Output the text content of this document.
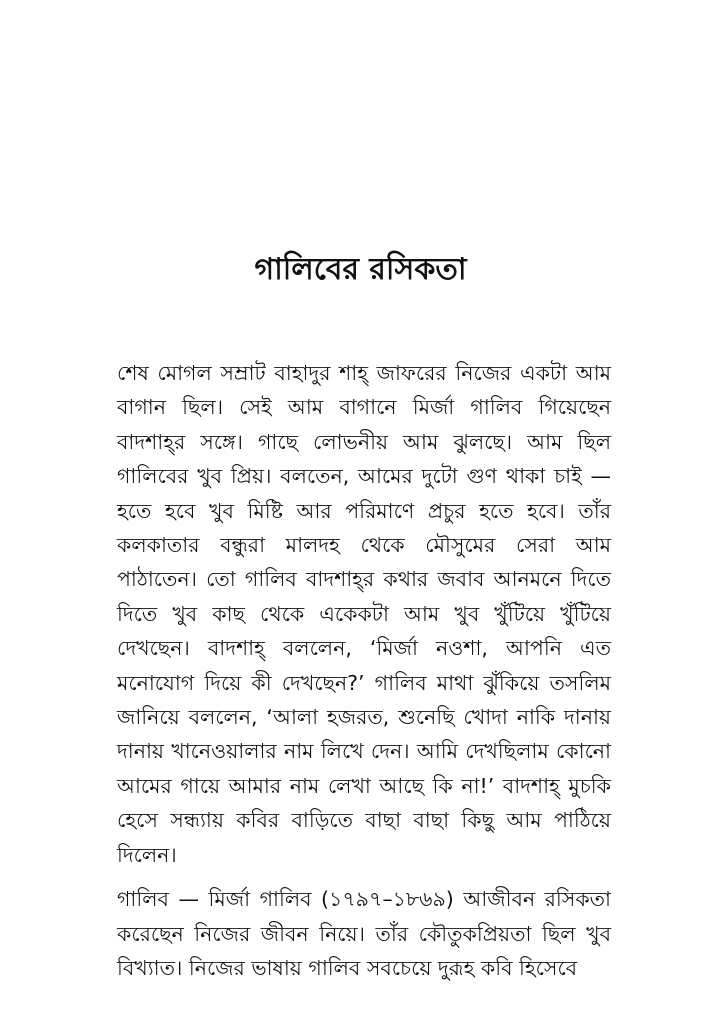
গালিবের রসিকতা

শেষ মোগল সম্রাট বাহাদুর শাহ্ জাফরের নিজের একটা আম বাগান ছিল। সেই আম বাগানে মির্জা গালিব গিয়েছেন বাদশাহ্‌র সঙ্গে। গাছে লোভনীয় আম ঝুলছে। আম ছিল গালিবের খুব প্রিয়। বলতেন, আমের দুটো গুণ থাকা চাই — হতে হবে খুব মিষ্টি আর পরিমাণে প্রচুর হতে হবে। তাঁর কলকাতার বন্ধুরা মালদহ থেকে মৌসুমের সেরা আম পাঠাতেন। তো গালিব বাদশাহ্‌র কথার জবাব আনমনে দিতে দিতে খুব কাছ থেকে একেকটা আম খুব খুঁটিয়ে খুঁটিয়ে দেখছেন। বাদশাহ্ বললেন, ‘মির্জা নওশা, আপনি এত মনোযোগ দিয়ে কী দেখছেন?’ গালিব মাথা ঝুঁকিয়ে তসলিম জানিয়ে বললেন, ‘আলা হজরত, শুনেছি খোদা নাকি দানায় দানায় খানেওয়ালার নাম লিখে দেন। আমি দেখছিলাম কোনো আমের গায়ে আমার নাম লেখা আছে কি না!’ বাদশাহ্ মুচকি হেসে সন্ধ্যায় কবির বাড়িতে বাছা বাছা কিছু আম পাঠিয়ে দিলেন।

গালিব — মির্জা গালিব (১৭৯৭–১৮৬৯) আজীবন রসিকতা করেছেন নিজের জীবন নিয়ে। তাঁর কৌতুকপ্রিয়তা ছিল খুব বিখ্যাত। নিজের ভাষায় গালিব সবচেয়ে দুরূহ কবি হিসেবে
